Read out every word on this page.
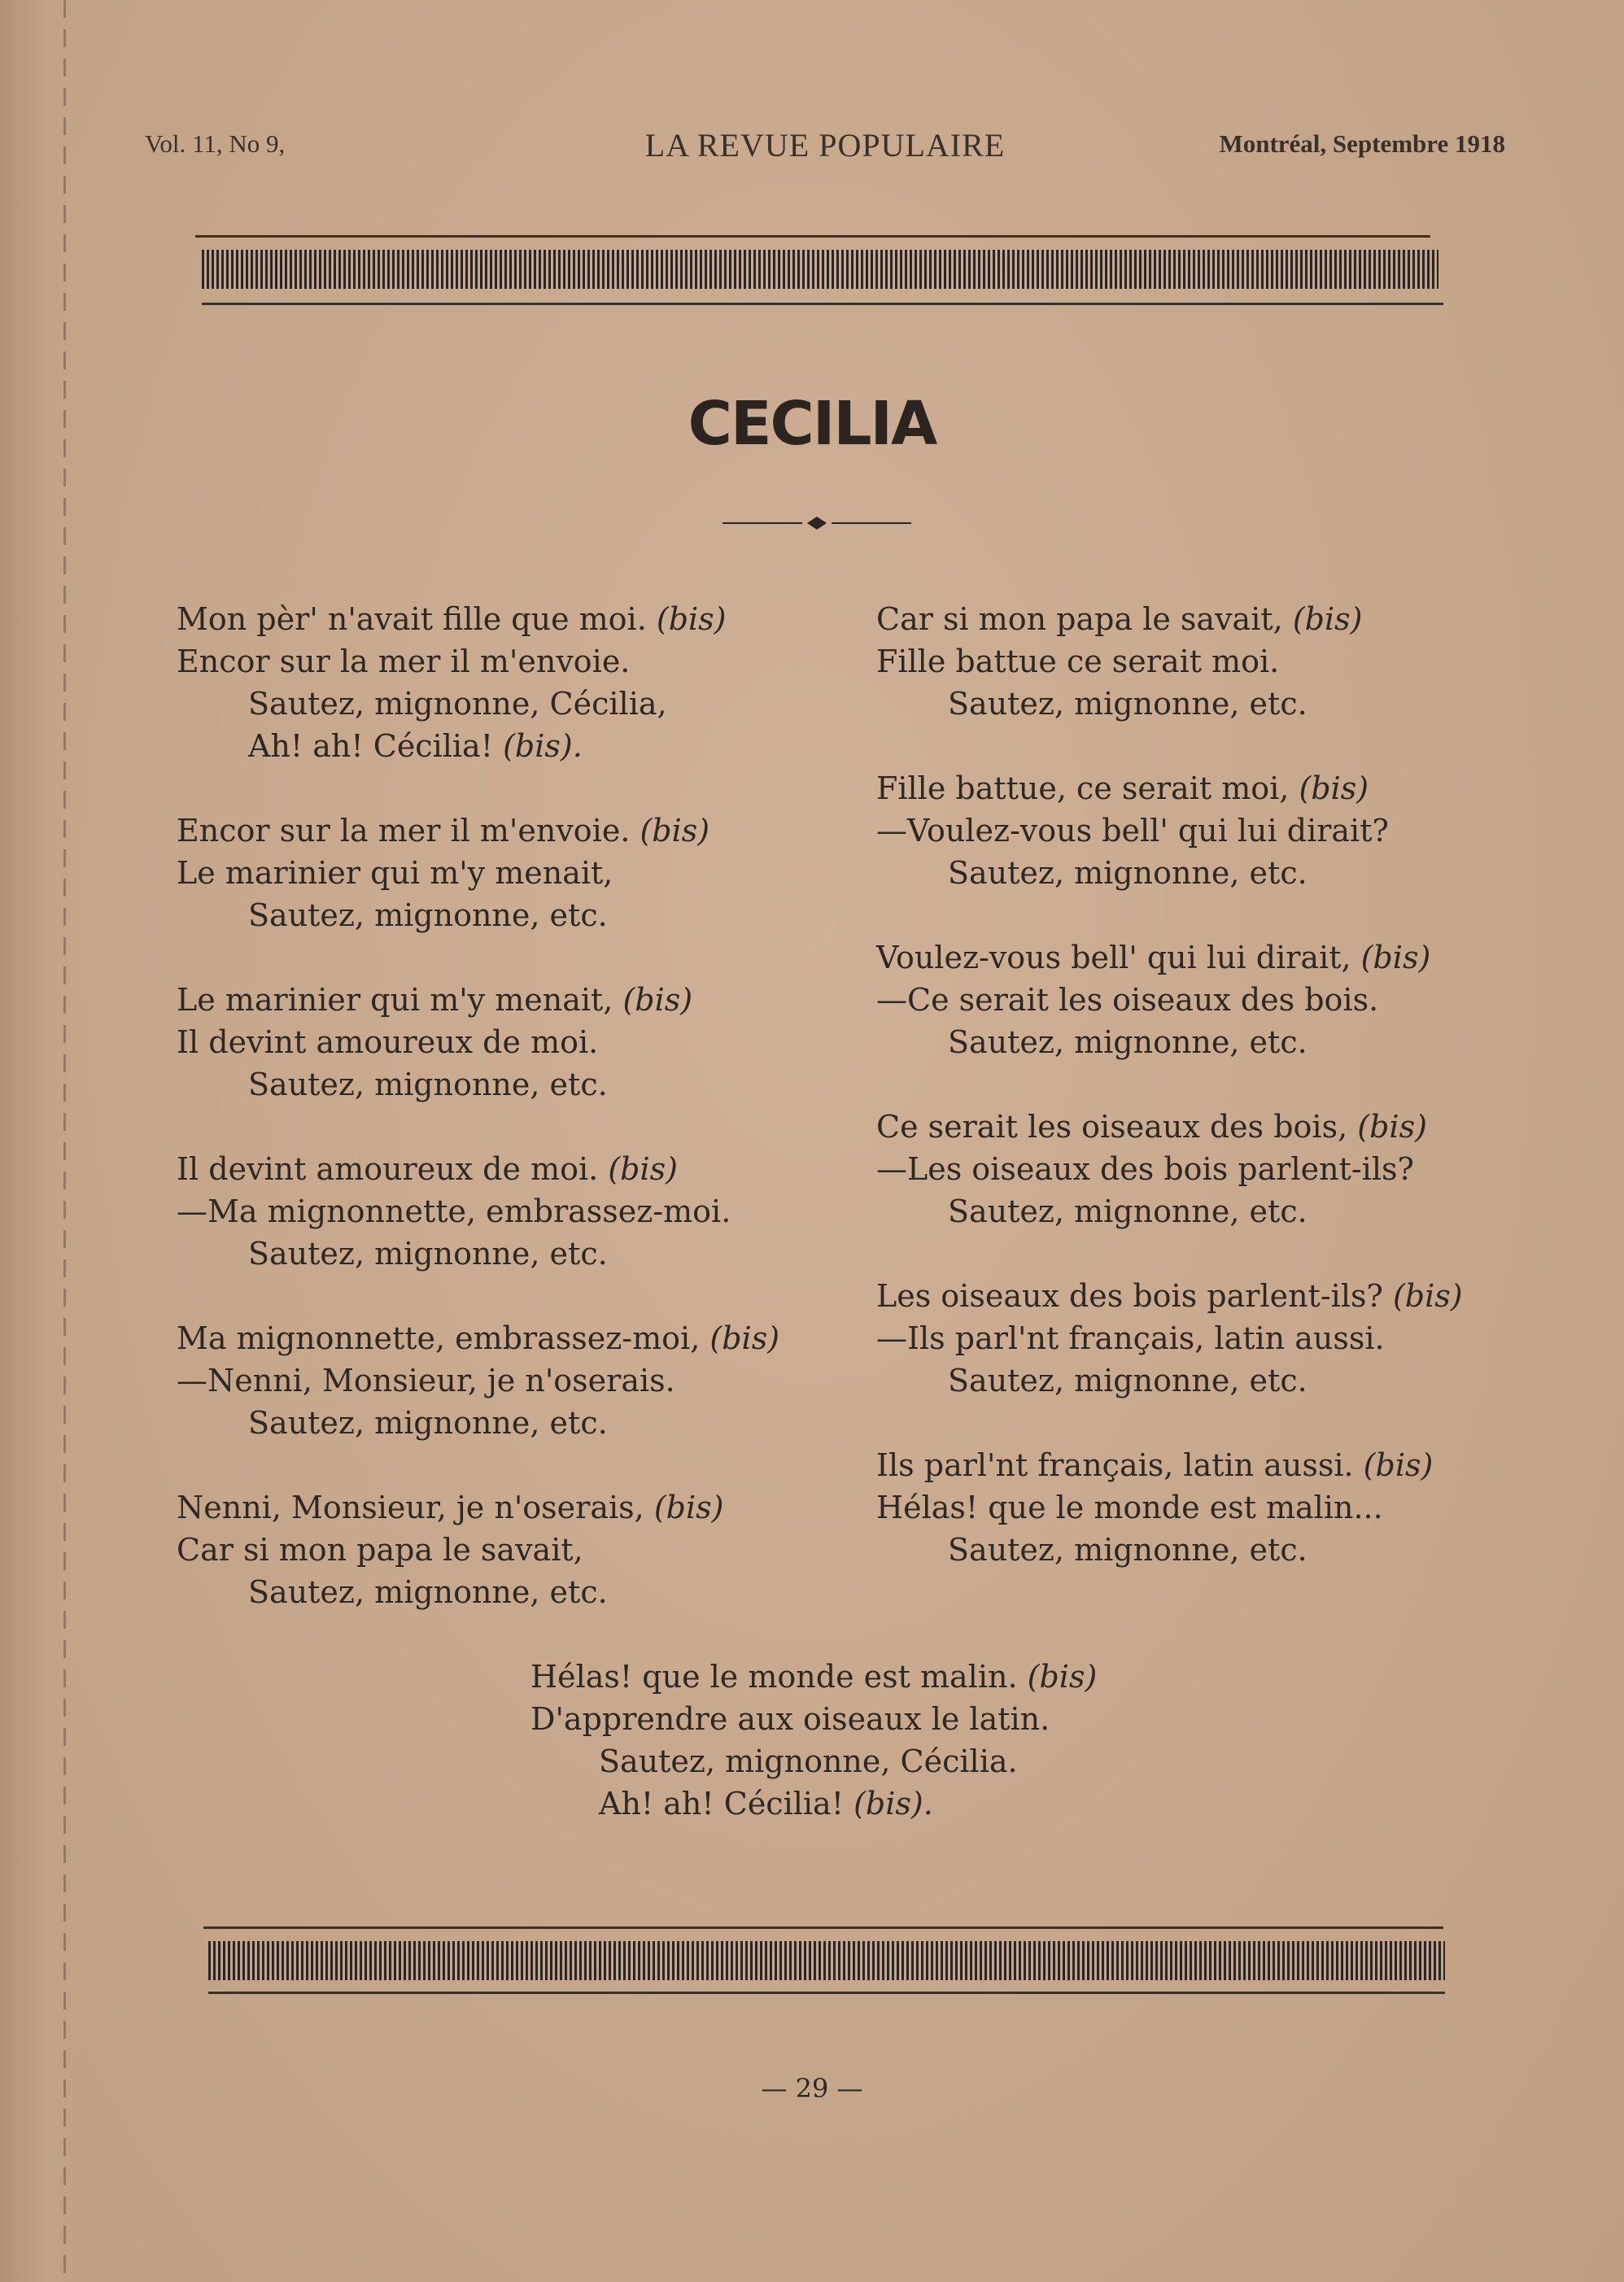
Vol. 11, No 9,	LA REVUE POPULAIRE	Montréal, Septembre 1918
CECILIA
Mon pèr' n'avait fille que moi. (bis)
Encor sur la mer il m'envoie.
Sautez, mignonne, Cécilia,
Ah! ah! Cécilia! (bis).
Encor sur la mer il m'envoie. (bis)
Le marinier qui m'y menait,
Sautez, mignonne, etc.
Le marinier qui m'y menait, (bis)
Il devint amoureux de moi.
Sautez, mignonne, etc.
Il devint amoureux de moi. (bis)
—Ma mignonnette, embrassez-moi.
Sautez, mignonne, etc.
Ma mignonnette, embrassez-moi, (bis)
—Nenni, Monsieur, je n'oserais.
Sautez, mignonne, etc.
Nenni, Monsieur, je n'oserais, (bis)
Car si mon papa le savait,
Sautez, mignonne, etc.
Car si mon papa le savait, (bis)
Fille battue ce serait moi.
Sautez, mignonne, etc.
Fille battue, ce serait moi, (bis)
—Voulez-vous bell' qui lui dirait?
Sautez, mignonne, etc.
Voulez-vous bell' qui lui dirait, (bis)
—Ce serait les oiseaux des bois.
Sautez, mignonne, etc.
Ce serait les oiseaux des bois, (bis)
—Les oiseaux des bois parlent-ils?
Sautez, mignonne, etc.
Les oiseaux des bois parlent-ils? (bis)
—Ils parl'nt français, latin aussi.
Sautez, mignonne, etc.
Ils parl'nt français, latin aussi. (bis)
Hélas! que le monde est malin...
Sautez, mignonne, etc.
Hélas! que le monde est malin. (bis)
D'apprendre aux oiseaux le latin.
Sautez, mignonne, Cécilia.
Ah! ah! Cécilia! (bis).
— 29 —
